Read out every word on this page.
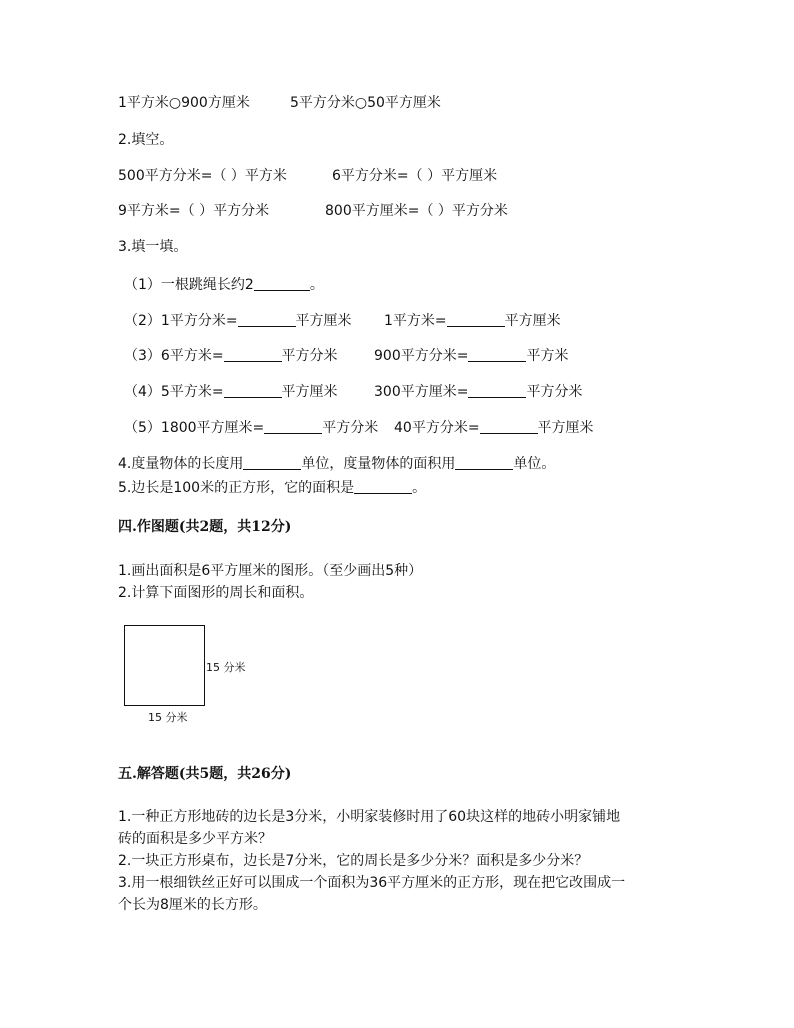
1平方米○900方厘米	5平方分米○50平方厘米
2.填空。
500平方分米=（ ）平方米	6平方分米=（ ）平方厘米
9平方米=（ ）平方分米	800平方厘米=（ ）平方分米
3.填一填。
（1）一根跳绳长约2	。
（2）1平方分米=	平方厘米 1平方米=	平方厘米
（3）6平方米=	平方分米	900平方分米=	平方米
（4）5平方米=	平方厘米	300平方厘米=	平方分米
（5）1800平方厘米=	平方分米 40平方分米=	平方厘米
4.度量物体的长度用	单位，度量物体的面积用	单位。
5.边长是100米的正方形，它的面积是	。
四.作图题(共2题，共12分)
1.画出面积是6平方厘米的图形。（至少画出5种）
2.计算下面图形的周长和面积。
15 分米
15 分米
五.解答题(共5题，共26分)
1.一种正方形地砖的边长是3分米，小明家装修时用了60块这样的地砖小明家铺地
砖的面积是多少平方米？
2.一块正方形桌布，边长是7分米，它的周长是多少分米？面积是多少分米？
3.用一根细铁丝正好可以围成一个面积为36平方厘米的正方形，现在把它改围成一
个长为8厘米的长方形。
